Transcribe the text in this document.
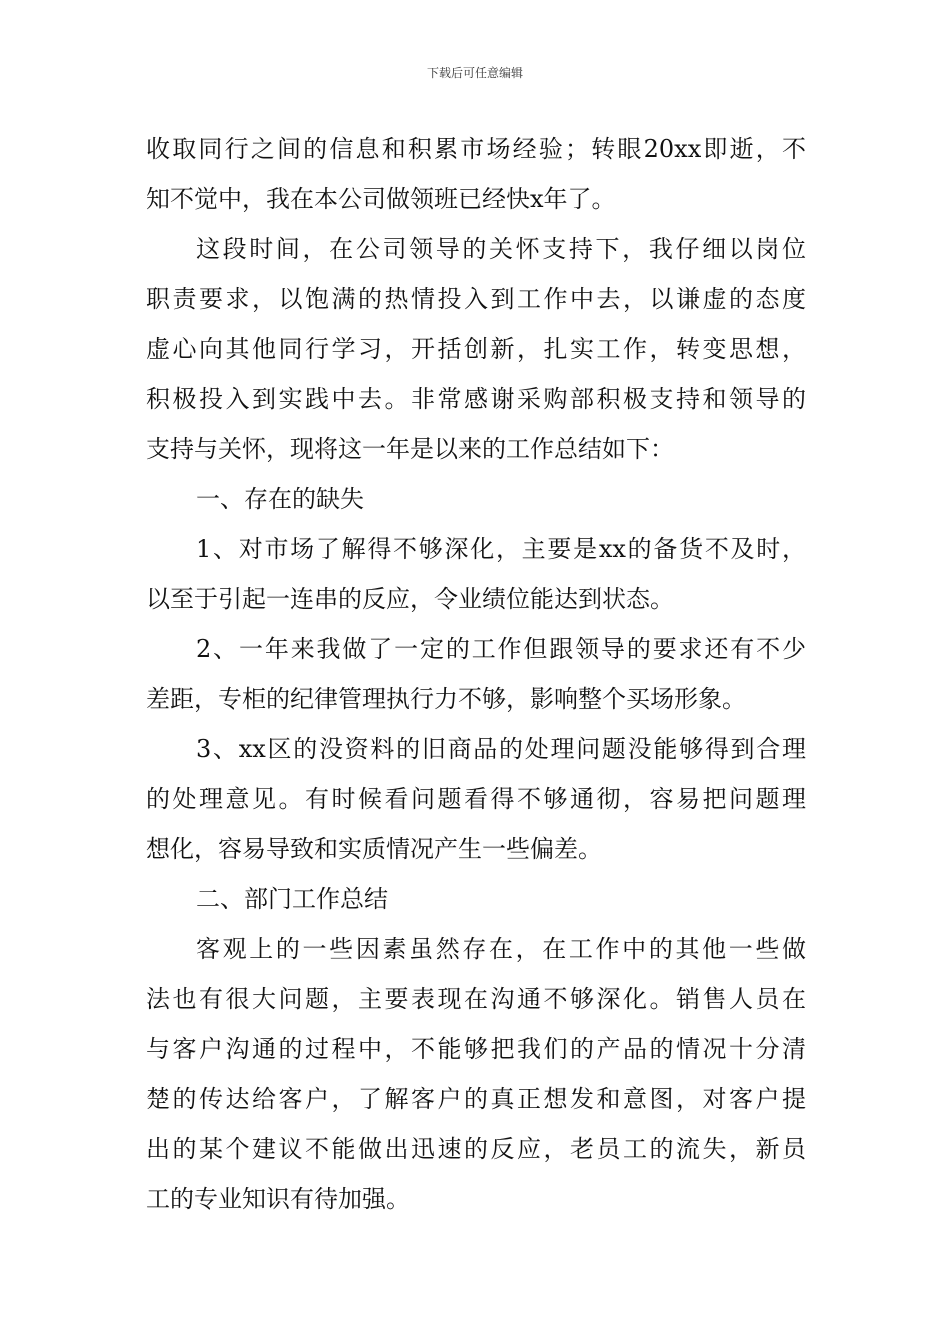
下载后可任意编辑
收取同行之间的信息和积累市场经验；转眼20xx即逝，不
知不觉中，我在本公司做领班已经快x年了。
这段时间，在公司领导的关怀支持下，我仔细以岗位
职责要求，以饱满的热情投入到工作中去，以谦虚的态度
虚心向其他同行学习，开括创新，扎实工作，转变思想，
积极投入到实践中去。非常感谢采购部积极支持和领导的
支持与关怀，现将这一年是以来的工作总结如下：
一、存在的缺失
1、对市场了解得不够深化，主要是xx的备货不及时，
以至于引起一连串的反应，令业绩位能达到状态。
2、一年来我做了一定的工作但跟领导的要求还有不少
差距，专柜的纪律管理执行力不够，影响整个买场形象。
3、xx区的没资料的旧商品的处理问题没能够得到合理
的处理意见。有时候看问题看得不够通彻，容易把问题理
想化，容易导致和实质情况产生一些偏差。
二、部门工作总结
客观上的一些因素虽然存在，在工作中的其他一些做
法也有很大问题，主要表现在沟通不够深化。销售人员在
与客户沟通的过程中，不能够把我们的产品的情况十分清
楚的传达给客户，了解客户的真正想发和意图，对客户提
出的某个建议不能做出迅速的反应，老员工的流失，新员
工的专业知识有待加强。
